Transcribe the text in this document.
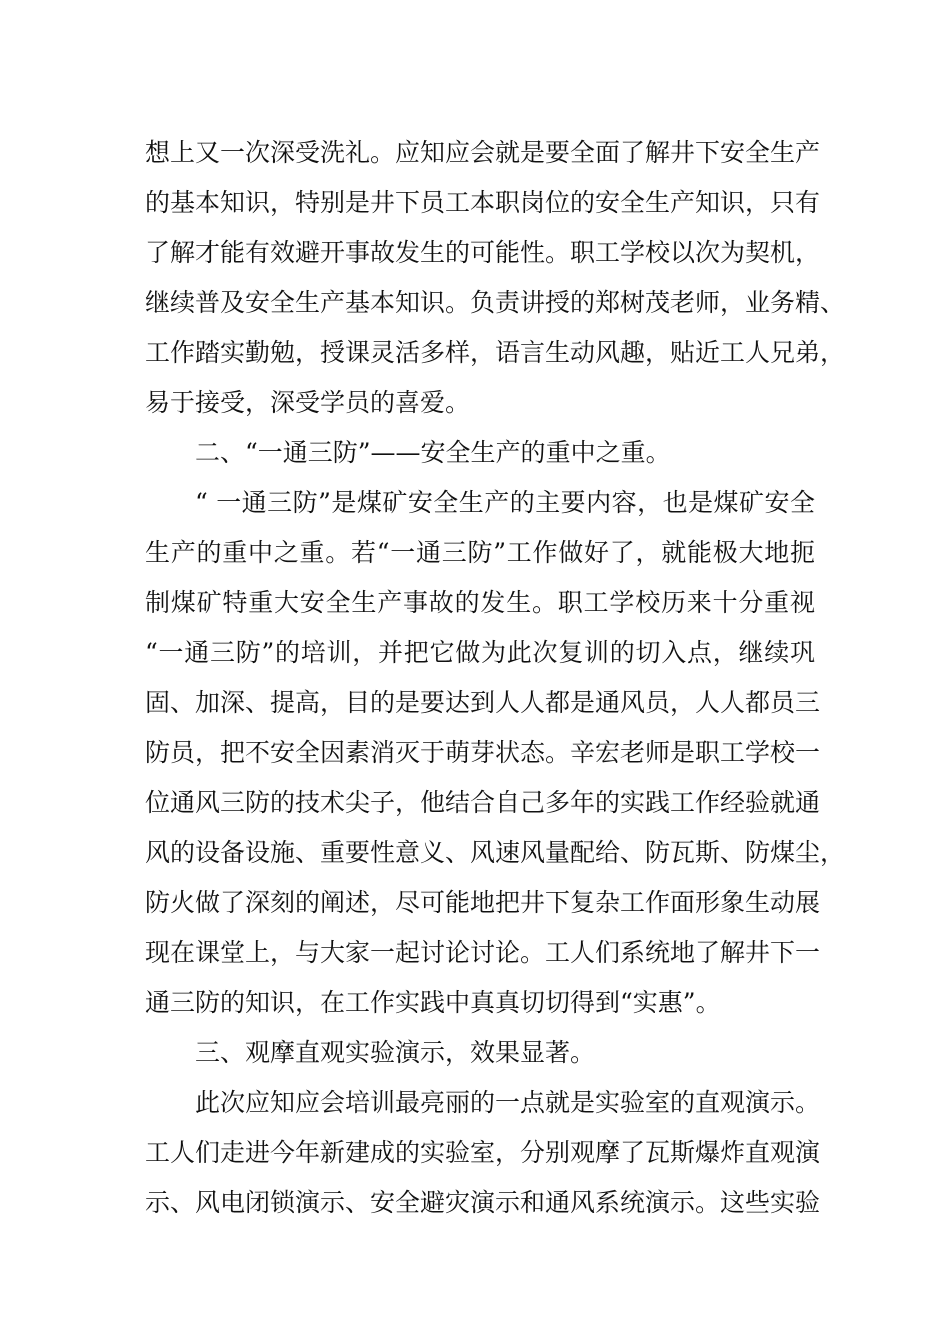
想上又一次深受洗礼。应知应会就是要全面了解井下安全生产
的基本知识，特别是井下员工本职岗位的安全生产知识，只有
了解才能有效避开事故发生的可能性。职工学校以次为契机，
继续普及安全生产基本知识。负责讲授的郑树茂老师，业务精、
工作踏实勤勉，授课灵活多样，语言生动风趣，贴近工人兄弟，
易于接受，深受学员的喜爱。
二、“一通三防”——安全生产的重中之重。
“ 一通三防”是煤矿安全生产的主要内容，也是煤矿安全
生产的重中之重。若“一通三防”工作做好了，就能极大地扼
制煤矿特重大安全生产事故的发生。职工学校历来十分重视
“一通三防”的培训，并把它做为此次复训的切入点，继续巩
固、加深、提高，目的是要达到人人都是通风员，人人都员三
防员，把不安全因素消灭于萌芽状态。辛宏老师是职工学校一
位通风三防的技术尖子，他结合自己多年的实践工作经验就通
风的设备设施、重要性意义、风速风量配给、防瓦斯、防煤尘，
防火做了深刻的阐述，尽可能地把井下复杂工作面形象生动展
现在课堂上，与大家一起讨论讨论。工人们系统地了解井下一
通三防的知识，在工作实践中真真切切得到“实惠”。
三、观摩直观实验演示，效果显著。
此次应知应会培训最亮丽的一点就是实验室的直观演示。
工人们走进今年新建成的实验室，分别观摩了瓦斯爆炸直观演
示、风电闭锁演示、安全避灾演示和通风系统演示。这些实验
